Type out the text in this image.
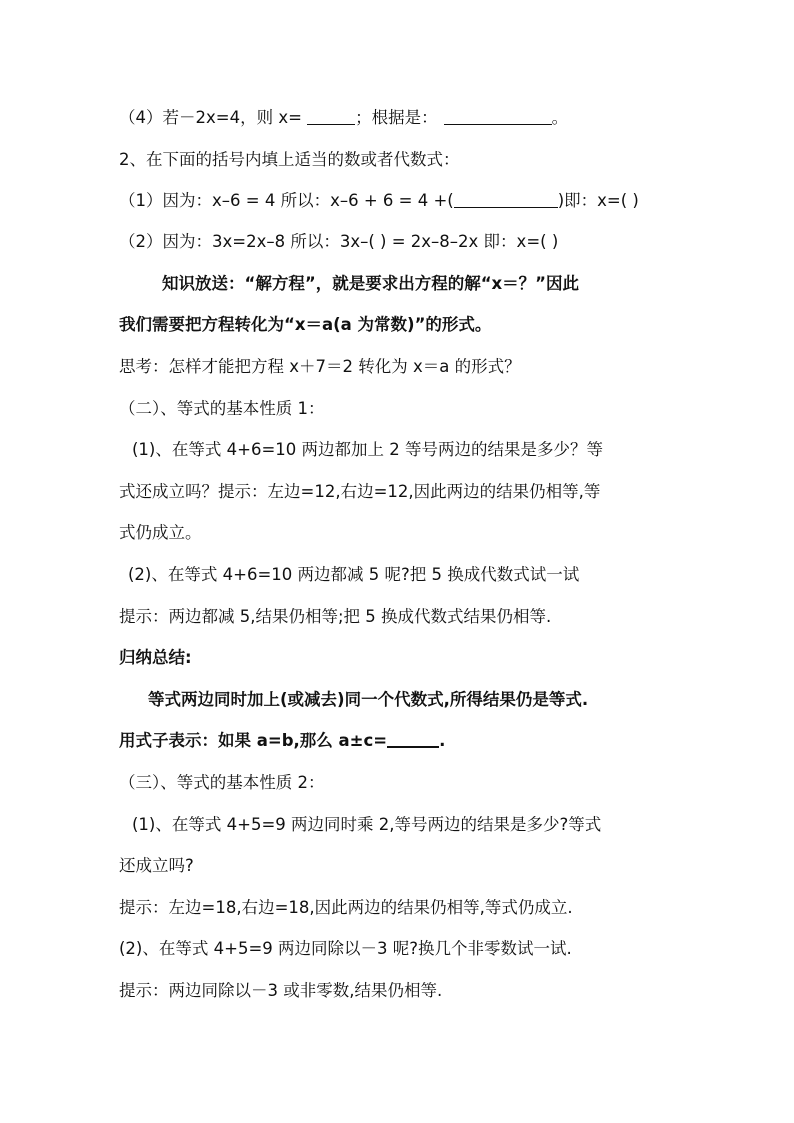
（4）若－2x=4，则 x=	；根据是：	。
2、在下面的括号内填上适当的数或者代数式：
（1）因为：x–6 = 4 所以：x–6 + 6 = 4 +(	)即：x=( )
（2）因为：3x=2x–8 所以：3x–( ) = 2x–8–2x 即：x=( )
知识放送：“解方程”，就是要求出方程的解“x＝？”因此
我们需要把方程转化为“x＝a(a 为常数)”的形式。
思考：怎样才能把方程 x＋7＝2 转化为 x＝a 的形式？
（二）、等式的基本性质 1：
(1)、在等式 4+6=10 两边都加上 2 等号两边的结果是多少？等
式还成立吗？提示：左边=12,右边=12,因此两边的结果仍相等,等
式仍成立。
(2)、在等式 4+6=10 两边都减 5 呢?把 5 换成代数式试一试
提示：两边都减 5,结果仍相等;把 5 换成代数式结果仍相等.
归纳总结:
等式两边同时加上(或减去)同一个代数式,所得结果仍是等式.
用式子表示：如果 a=b,那么 a±c=	.
（三）、等式的基本性质 2：
(1)、在等式 4+5=9 两边同时乘 2,等号两边的结果是多少?等式
还成立吗?
提示：左边=18,右边=18,因此两边的结果仍相等,等式仍成立.
(2)、在等式 4+5=9 两边同除以－3 呢?换几个非零数试一试.
提示：两边同除以－3 或非零数,结果仍相等.
